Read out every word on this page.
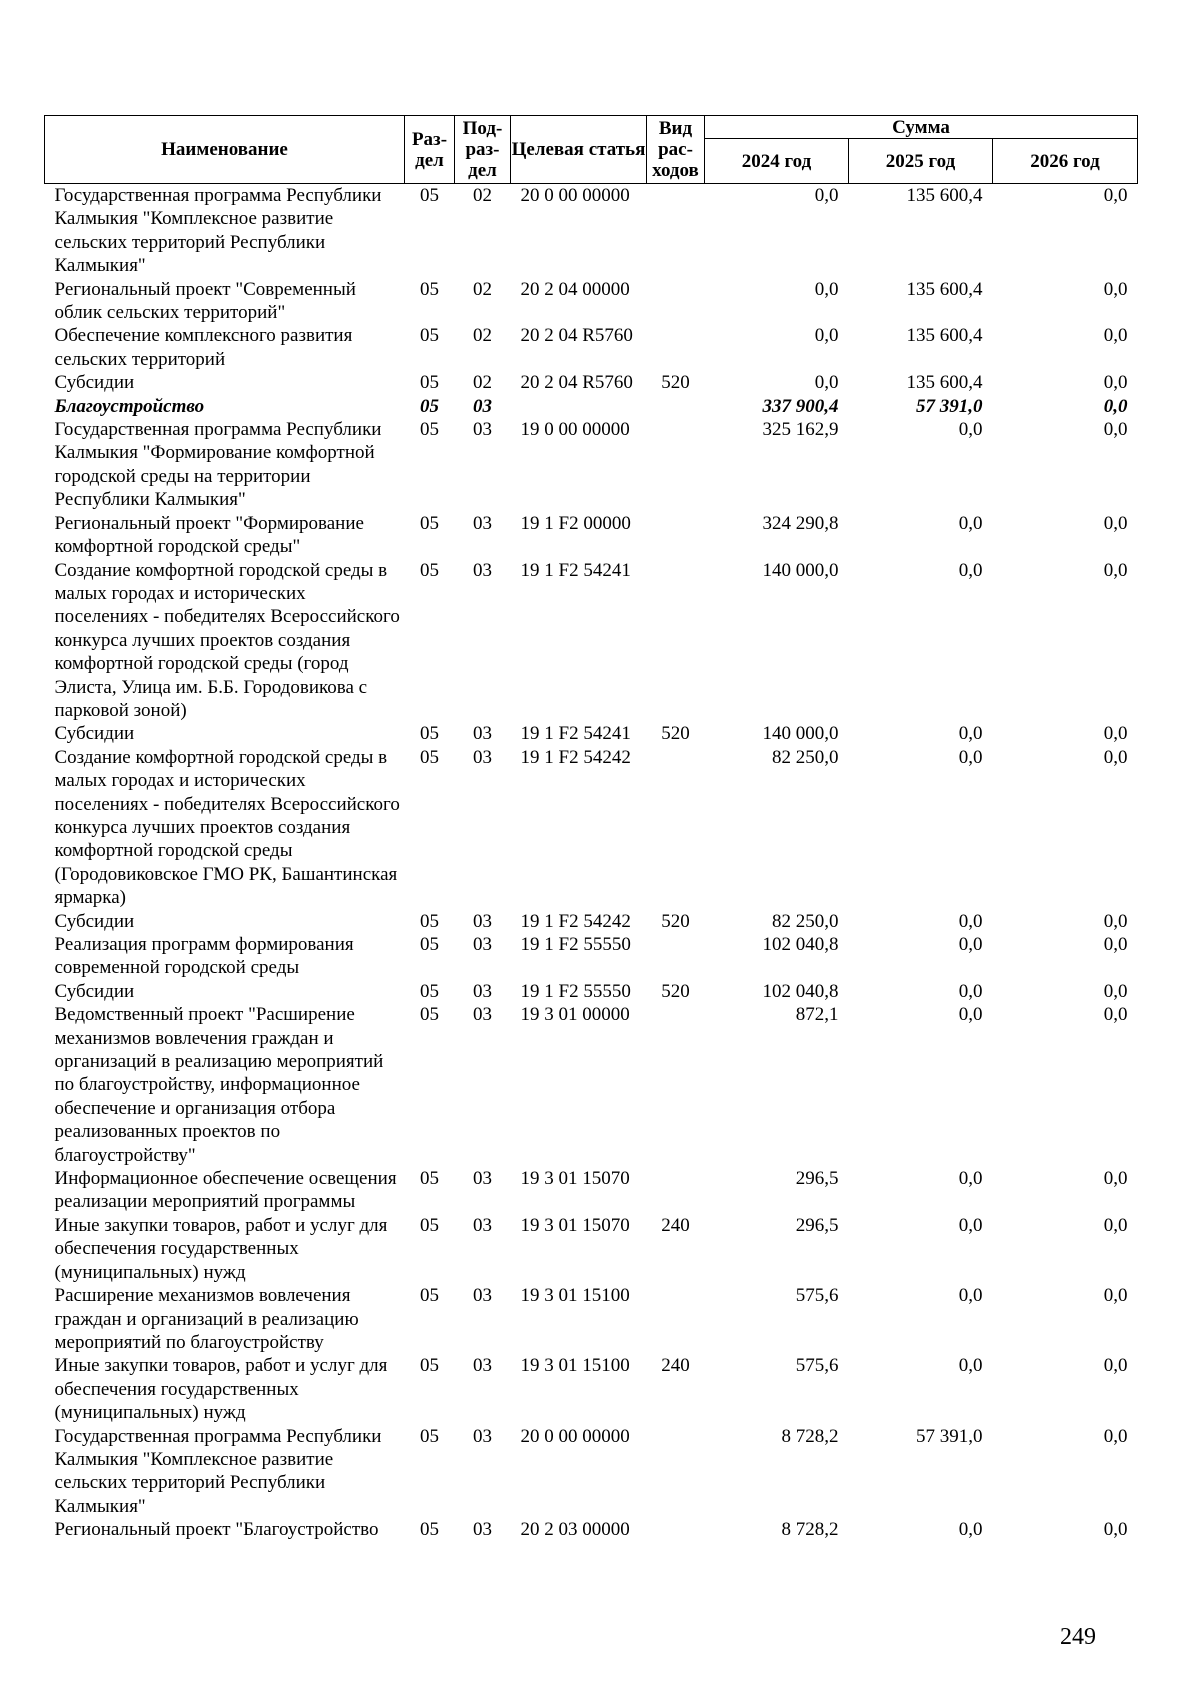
Наименование	Раз-дел	Под-раз-дел	Целевая статья	Вид рас-ходов	Сумма		
					2024 год	2025 год	2026 год
Государственная программа Республики Калмыкия "Комплексное развитие сельских территорий Республики Калмыкия"	05	02	20 0 00 00000		0,0	135 600,4	0,0
Региональный проект "Современный облик сельских территорий"	05	02	20 2 04 00000		0,0	135 600,4	0,0
Обеспечение комплексного развития сельских территорий	05	02	20 2 04 R5760		0,0	135 600,4	0,0
Субсидии	05	02	20 2 04 R5760	520	0,0	135 600,4	0,0
Благоустройство	05	03			337 900,4	57 391,0	0,0
Государственная программа Республики Калмыкия "Формирование комфортной городской среды на территории Республики Калмыкия"	05	03	19 0 00 00000		325 162,9	0,0	0,0
Региональный проект "Формирование комфортной городской среды"	05	03	19 1 F2 00000		324 290,8	0,0	0,0
Создание комфортной городской среды в малых городах и исторических поселениях - победителях Всероссийского конкурса лучших проектов создания комфортной городской среды (город Элиста, Улица им. Б.Б. Городовикова с парковой зоной)	05	03	19 1 F2 54241		140 000,0	0,0	0,0
Субсидии	05	03	19 1 F2 54241	520	140 000,0	0,0	0,0
Создание комфортной городской среды в малых городах и исторических поселениях - победителях Всероссийского конкурса лучших проектов создания комфортной городской среды (Городовиковское ГМО РК, Башантинская ярмарка)	05	03	19 1 F2 54242		82 250,0	0,0	0,0
Субсидии	05	03	19 1 F2 54242	520	82 250,0	0,0	0,0
Реализация программ формирования современной городской среды	05	03	19 1 F2 55550		102 040,8	0,0	0,0
Субсидии	05	03	19 1 F2 55550	520	102 040,8	0,0	0,0
Ведомственный проект "Расширение механизмов вовлечения граждан и организаций в реализацию мероприятий по благоустройству, информационное обеспечение и организация отбора реализованных проектов по благоустройству"	05	03	19 3 01 00000		872,1	0,0	0,0
Информационное обеспечение освещения реализации мероприятий программы	05	03	19 3 01 15070		296,5	0,0	0,0
Иные закупки товаров, работ и услуг для обеспечения государственных (муниципальных) нужд	05	03	19 3 01 15070	240	296,5	0,0	0,0
Расширение механизмов вовлечения граждан и организаций в реализацию мероприятий по благоустройству	05	03	19 3 01 15100		575,6	0,0	0,0
Иные закупки товаров, работ и услуг для обеспечения государственных (муниципальных) нужд	05	03	19 3 01 15100	240	575,6	0,0	0,0
Государственная программа Республики Калмыкия "Комплексное развитие сельских территорий Республики Калмыкия"	05	03	20 0 00 00000		8 728,2	57 391,0	0,0
Региональный проект "Благоустройство	05	03	20 2 03 00000		8 728,2	0,0	0,0
249
